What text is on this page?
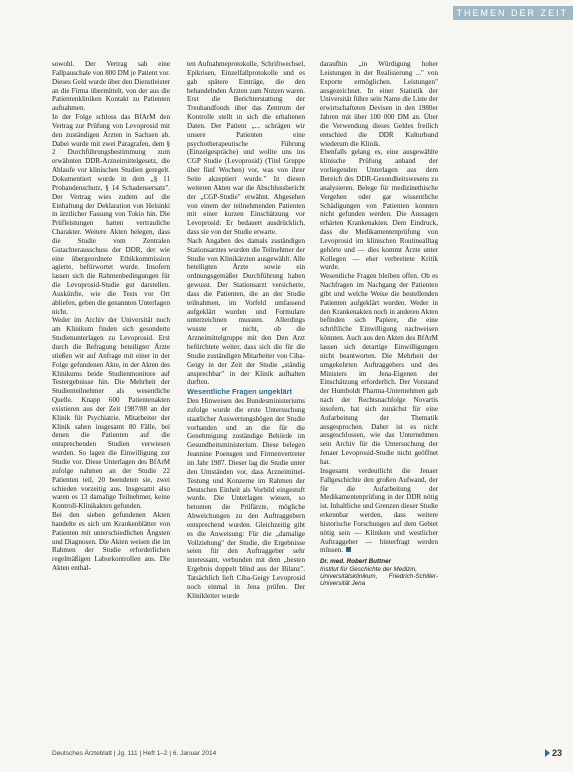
THEMEN DER ZEIT

sowohl. Der Vertrag sah eine Fallpauschale von 800 DM je Patient vor. Dieses Geld wurde über den Dienstleister an die Firma übermittelt, von der aus die Patientenkliniken Kontakt zu Patienten aufnahmen.

In der Folge schloss das BfArM den Vertrag zur Prüfung von Levoprosid mit den zuständigen Ärzten in Sachsen ab. Dabei wurde mit zwei Paragrafen, dem § 2 Durchführungsbestimmung zum erwähnten DDR-Arzneimittelgesetz, die Ablaufe vor klinischen Studien geregelt. Dokumentiert wurde in dem „§ 11 Probandenschutz, § 14 Schadensersatz". Der Vertrag wies zudem auf die Einhaltung der Deklaration von Helsinki in ärztlicher Fassung von Tokio hin. Die Prüfleistungen hatten vertrauliche Charakter. Weitere Akten belegen, dass die Studie vom Zentralen Gutachterausschuss der DDR, der wie eine übergeordnete Ethikkommission agierte, befürwortet wurde. Insofern lassen sich die Rahmenbedingungen für die Levoprosid-Studie gut darstellen. Auskünfte, wie die Tests vor Ort abliefen, geben die genannten Unterlagen nicht.

Weder im Archiv der Universität noch am Klinikum finden sich gesonderte Studienunterlagen zu Levoprosid. Erst durch die Befragung beteiligter Ärzte stießen wir auf Anfrage mit einer in der Folge gefundenen Akte, in der Akten des Klinikums beide Studienmonitore auf Testergebnisse hin. Die Mehrheit der Studienteilnehmer als wesentliche Quelle. Knapp 600 Patientenakten existieren aus der Zeit 1987/88 an der Klinik für Psychiatrie. Mitarbeiter der Klinik sahen insgesamt 80 Fälle, bei denen die Patienten auf die entsprechenden Studien verwiesen wurden. So lagen die Einwilligung zur Studie vor. Diese Unterlagen des BfArM zufolge nahmen an der Studie 22 Patienten teil, 20 beendeten sie, zwei schieden vorzeitig aus. Insgesamt also waren es 13 damalige Teilnehmer, keine Kontroll-Klinikakten gefunden.

Bei den sieben gefundenen Akten handelte es sich um Krankenblätter von Patienten mit unterschiedlichen Ängsten und Diagnosen. Die Akten weisen die im Rahmen der Studie erforderlichen regelmäßigen Laborkontrollen aus. Die Akten enthal-

ten Aufnahmeprotokolle, Schriftwechsel, Epikrisen, Einzelfallprotokolle und es gab spätere Einträge, die den behandelnden Ärzten zum Nutzen waren. Erst die Berichterstattung der Treuhandfonds über das Zentrum der Kontrolle stellt in sich die erhaltenen Daten. Der Patient „... schrägen wir unsere Patienten eine psychotherapeutische Führung (Einzelgespräche) und wollte uns ins CGP Studie (Levoprosid) (Titel Gruppe über fünf Wochen) vor, was von ihrer Seite akzeptiert wurde." In diesen weiteren Akten war die Abschlussbericht der „CGP-Studie" erwähnt. Abgesehen von einem der teilnehmenden Patienten mit einer kurzen Einschätzung vor Levoprosid: Er bedauert ausdrücklich, dass sie von der Studie erwarte.

Nach Angaben des damals zuständigen Stationsarztes wurden die Teilnehmer der Studie von Klinikärzten ausgewählt. Alle beteiligten Ärzte sowie ein ordnungsgemäßer Durchführung haben gewusst. Der Stationsarzt versicherte, dass die Patienten, die an der Studie teilnahmen, im Vorfeld umfassend aufgeklärt wurden und Formulare unterzeichnen mussten. Allerdings wusste er nicht, ob die Arzneimittelgruppe mit den Den Arzt befürchtete weiter, dass sich die für die Studie zuständigen Mitarbeiter von Ciba-Geigy in der Zeit der Studie „ständig ansprechbar" in der Klinik aufhalten durften.

Wesentliche Fragen ungeklärt

Den Hinweisen des Bundesministeriums zufolge wurde die erste Untersuchung staatlicher Auswertungsbögen der Studie vorhanden und an die für die Genehmigung zuständige Behörde im Gesundheitsministerium. Diese belegen Jeannine Poensgen und Firmenvertreter im Jahr 1987. Dieser lag die Studie unter den Umständen vor, dass Arzneimittel-Testung und Konzerne im Rahmen der Deutschen Einheit als Vorbild eingestuft wurde. Die Unterlagen wiesen, so betonten die Prüfärzte, mögliche Abweichungen zu den Auftraggebern entsprechend wurden. Gleichzeitig gibt es die Anweisung: Für die „damalige Vollziehung" der Studie, die Ergebnisse seien für den Auftraggeber sehr interessant, verbunden mit dem „besten Ergebnis doppelt blind aus der Bilanz". Tatsächlich lieft Ciba-Geigy Levoprosid noch einmal in Jena prüfen. Der Klinikleiter wurde

daraufhin „in Würdigung hoher Leistungen in der Realisierung ..." von Exporte ermöglichen. Leistungen" ausgezeichnet. In einer Statistik der Universität führe sein Name die Liste der erwirtschafteten Devisen in den 1980er Jahren mit über 100 000 DM an. Über die Verwendung dieses Geldes freilich entschied die DDR Kulturbund wiederum die Klinik.

Ebenfalls gelang es, eine ausgewählte klinische Prüfung anhand der vorliegenden Unterlagen aus dem Bereich des DDR-Gesundheitswesens zu analysieren. Belege für medizinethische Vergehen oder gar wissentliche Schädigungen von Patienten konnten nicht gefunden werden. Die Aussagen erhärten Krankenakten. Dem Eindruck, dass die Medikamentenprüfung von Levoprosid im klinischen Routinealltag gehörte und — dies kommt Ärzte unter Kollegen — eher verbreitete Kritik wurde.

Wesentliche Fragen bleiben offen. Ob es Nachfragen im Nachgang der Patienten gibt und welche Weise die bestellenden Patienten aufgeklärt wurden. Weder in den Krankenakten noch in anderen Akten befinden sich Papiere, die eine schriftliche Einwilligung nachweisen könnten. Auch aus den Akten des BfArM lassen sich derartige Einwilligungen nicht beantworten. Die Mehrheit der umgekehrten Auftraggebers und des Ministers im Jena-Eigenen der Einschätzung erforderlich. Der Vorstand der Humboldt Pharma-Unternehmen gab nach der Rechtsnachfolge Novartis insofern, hat sich zunächst für eine Aufarbeitung der Thematik ausgesprochen. Daher ist es nicht ausgeschlossen, wie das Unternehmen sein Archiv für die Untersuchung der Jenaer Levoprosid-Studie nicht geöffnet hat.

Insgesamt verdeutlicht die Jenaer Fallgeschichte den großen Aufwand, der für die Aufarbeitung der Medikamentenprüfung in der DDR nötig ist. Inhaltliche und Grenzen dieser Studie erkennbar werden, dass weitere historische Forschungen auf dem Gebiet nötig sein — Kliniken und westlicher Auftraggeber — hinterfragt werden müssen.

Dr. med. Robert Buttner
Institut für Geschichte der Medizin,
Universitätsklinikum, Friedrich-Schiller-Universität Jena

Deutsches Ärzteblatt | Jg. 111 | Heft 1–2 | 6. Januar 2014	23
